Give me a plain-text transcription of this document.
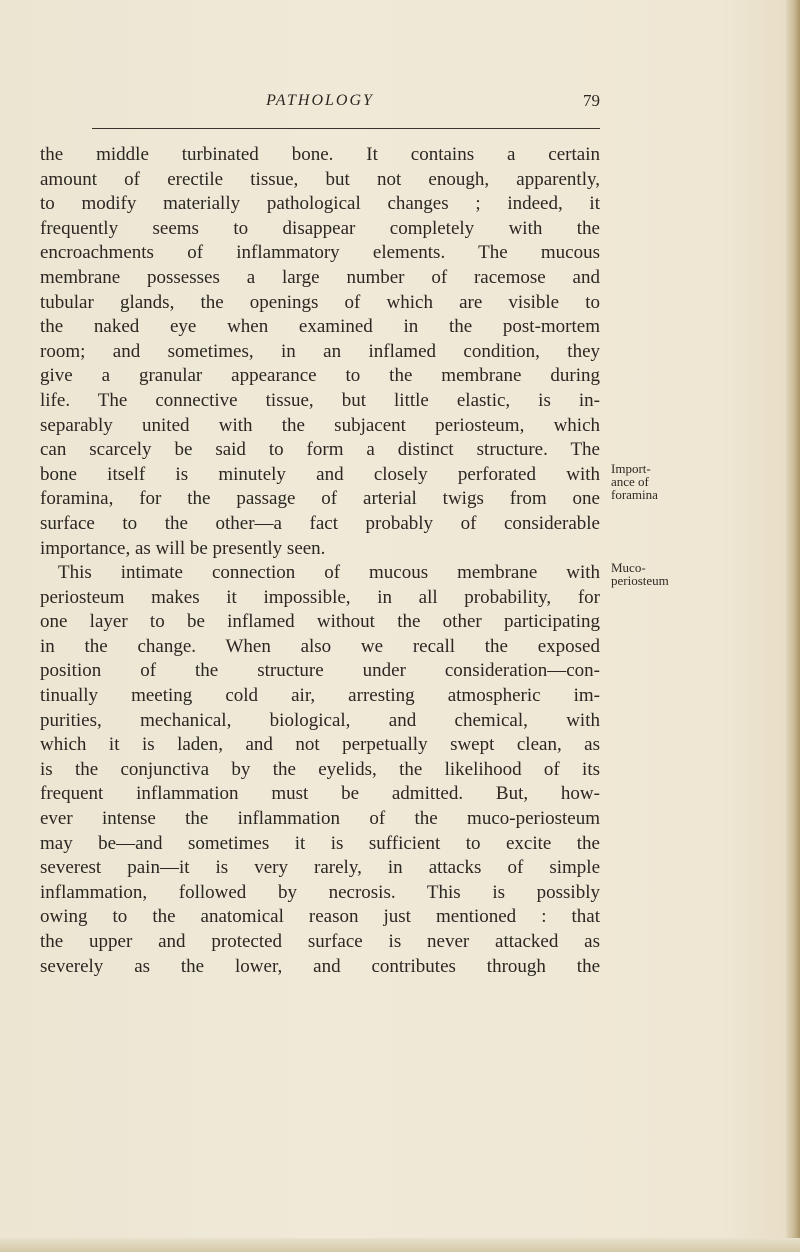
PATHOLOGY	79
the middle turbinated bone. It contains a certain
amount of erectile tissue, but not enough, apparently,
to modify materially pathological changes ; indeed, it
frequently seems to disappear completely with the
encroachments of inflammatory elements. The mucous
membrane possesses a large number of racemose and
tubular glands, the openings of which are visible to
the naked eye when examined in the post-mortem
room; and sometimes, in an inflamed condition, they
give a granular appearance to the membrane during
life. The connective tissue, but little elastic, is in-
separably united with the subjacent periosteum, which
can scarcely be said to form a distinct structure. The
bone itself is minutely and closely perforated with
foramina, for the passage of arterial twigs from one
surface to the other—a fact probably of considerable
importance, as will be presently seen.
This intimate connection of mucous membrane with
periosteum makes it impossible, in all probability, for
one layer to be inflamed without the other participating
in the change. When also we recall the exposed
position of the structure under consideration—con-
tinually meeting cold air, arresting atmospheric im-
purities, mechanical, biological, and chemical, with
which it is laden, and not perpetually swept clean, as
is the conjunctiva by the eyelids, the likelihood of its
frequent inflammation must be admitted. But, how-
ever intense the inflammation of the muco-periosteum
may be—and sometimes it is sufficient to excite the
severest pain—it is very rarely, in attacks of simple
inflammation, followed by necrosis. This is possibly
owing to the anatomical reason just mentioned : that
the upper and protected surface is never attacked as
severely as the lower, and contributes through the
Import-
ance of
foramina
Muco-
periosteum
